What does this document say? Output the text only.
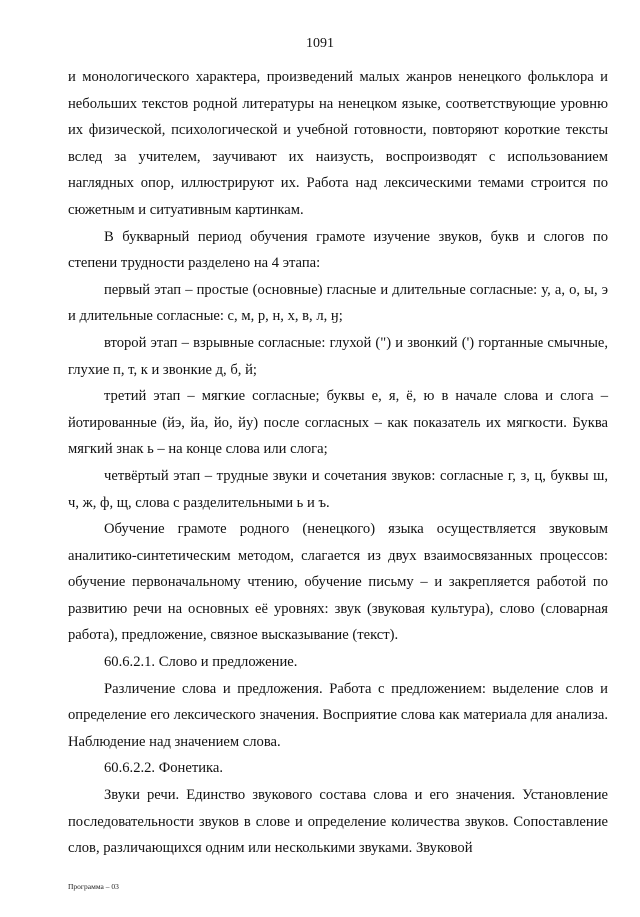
1091

и монологического характера, произведений малых жанров ненецкого фольклора и небольших текстов родной литературы на ненецком языке, соответствующие уровню их физической, психологической и учебной готовности, повторяют короткие тексты вслед за учителем, заучивают их наизусть, воспроизводят с использованием наглядных опор, иллюстрируют их. Работа над лексическими темами строится по сюжетным и ситуативным картинкам.

В букварный период обучения грамоте изучение звуков, букв и слогов по степени трудности разделено на 4 этапа:

первый этап – простые (основные) гласные и длительные согласные: у, а, о, ы, э и длительные согласные: с, м, р, н, х, в, л, ӈ;

второй этап – взрывные согласные: глухой (") и звонкий (') гортанные смычные, глухие п, т, к и звонкие д, б, й;

третий этап – мягкие согласные; буквы е, я, ё, ю в начале слова и слога – йотированные (йэ, йа, йо, йу) после согласных – как показатель их мягкости. Буква мягкий знак ь – на конце слова или слога;

четвёртый этап – трудные звуки и сочетания звуков: согласные г, з, ц, буквы ш, ч, ж, ф, щ, слова с разделительными ь и ъ.

Обучение грамоте родного (ненецкого) языка осуществляется звуковым аналитико-синтетическим методом, слагается из двух взаимосвязанных процессов: обучение первоначальному чтению, обучение письму – и закрепляется работой по развитию речи на основных её уровнях: звук (звуковая культура), слово (словарная работа), предложение, связное высказывание (текст).

60.6.2.1. Слово и предложение.

Различение слова и предложения. Работа с предложением: выделение слов и определение его лексического значения. Восприятие слова как материала для анализа. Наблюдение над значением слова.

60.6.2.2. Фонетика.

Звуки речи. Единство звукового состава слова и его значения. Установление последовательности звуков в слове и определение количества звуков. Сопоставление слов, различающихся одним или несколькими звуками. Звуковой

Программа – 03
